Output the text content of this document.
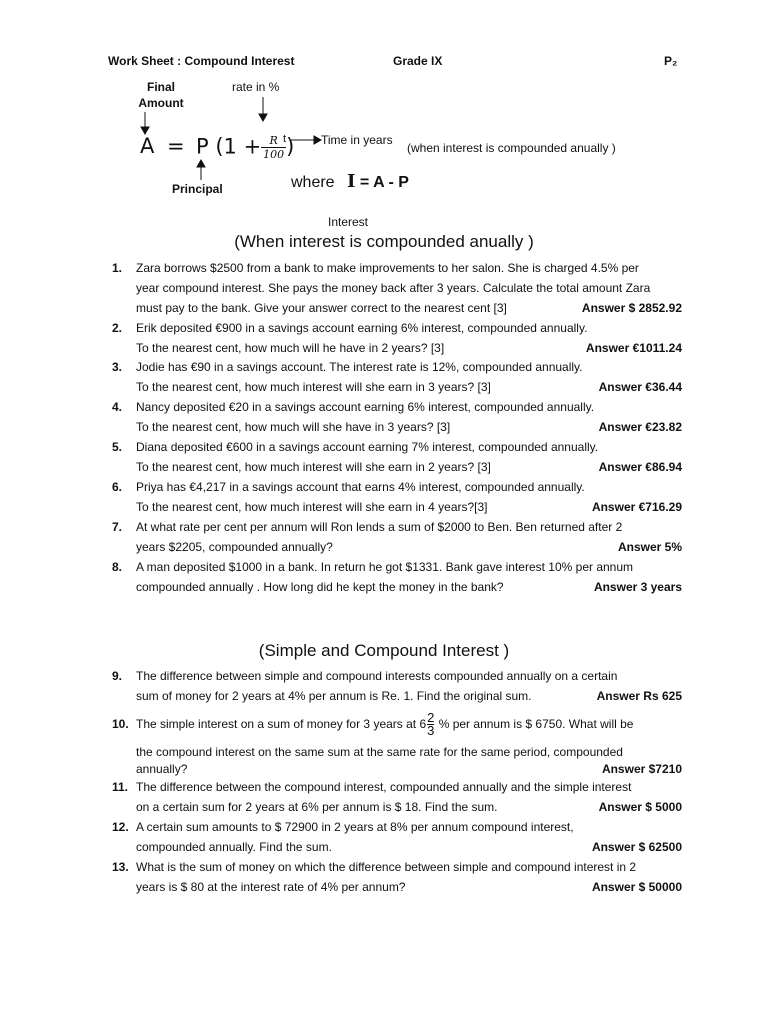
Work Sheet : Compound Interest	Grade IX	P₂
Final
Amount
rate in %
A = P ($1 + \frac{R}{100}$ )
t	Time in years
(when interest is compounded anually )
Principal	where I = A - P
Interest
(When interest is compounded anually )
1. Zara borrows $2500 from a bank to make improvements to her salon. She is charged 4.5% per
year compound interest. She pays the money back after 3 years. Calculate the total amount Zara
must pay to the bank. Give your answer correct to the nearest cent [3]	Answer $ 2852.92
2. Erik deposited €900 in a savings account earning 6% interest, compounded annually.
To the nearest cent, how much will he have in 2 years? [3]	Answer €1011.24
3. Jodie has €90 in a savings account. The interest rate is 12%, compounded annually.
To the nearest cent, how much interest will she earn in 3 years? [3]	Answer €36.44
4. Nancy deposited €20 in a savings account earning 6% interest, compounded annually.
To the nearest cent, how much will she have in 3 years? [3]	Answer €23.82
5. Diana deposited €600 in a savings account earning 7% interest, compounded annually.
To the nearest cent, how much interest will she earn in 2 years? [3]	Answer €86.94
6. Priya has €4,217 in a savings account that earns 4% interest, compounded annually.
To the nearest cent, how much interest will she earn in 4 years?[3]	Answer €716.29
7. At what rate per cent per annum will Ron lends a sum of $2000 to Ben. Ben returned after 2
years $2205, compounded annually?	Answer 5%
8. A man deposited $1000 in a bank. In return he got $1331. Bank gave interest 10% per annum
compounded annually . How long did he kept the money in the bank?	Answer 3 years
(Simple and Compound Interest )
9. The difference between simple and compound interests compounded annually on a certain
sum of money for 2 years at 4% per annum is Re. 1. Find the original sum.	Answer Rs 625
10. The simple interest on a sum of money for 3 years at $6 \frac{2}{3}$ % per annum is $ 6750. What will be
the compound interest on the same sum at the same rate for the same period, compounded
annually?	Answer $7210
11. The difference between the compound interest, compounded annually and the simple interest
on a certain sum for 2 years at 6% per annum is $ 18. Find the sum.	Answer $ 5000
12. A certain sum amounts to $ 72900 in 2 years at 8% per annum compound interest,
compounded annually. Find the sum.	Answer $ 62500
13. What is the sum of money on which the difference between simple and compound interest in 2
years is $ 80 at the interest rate of 4% per annum?	Answer $ 50000
